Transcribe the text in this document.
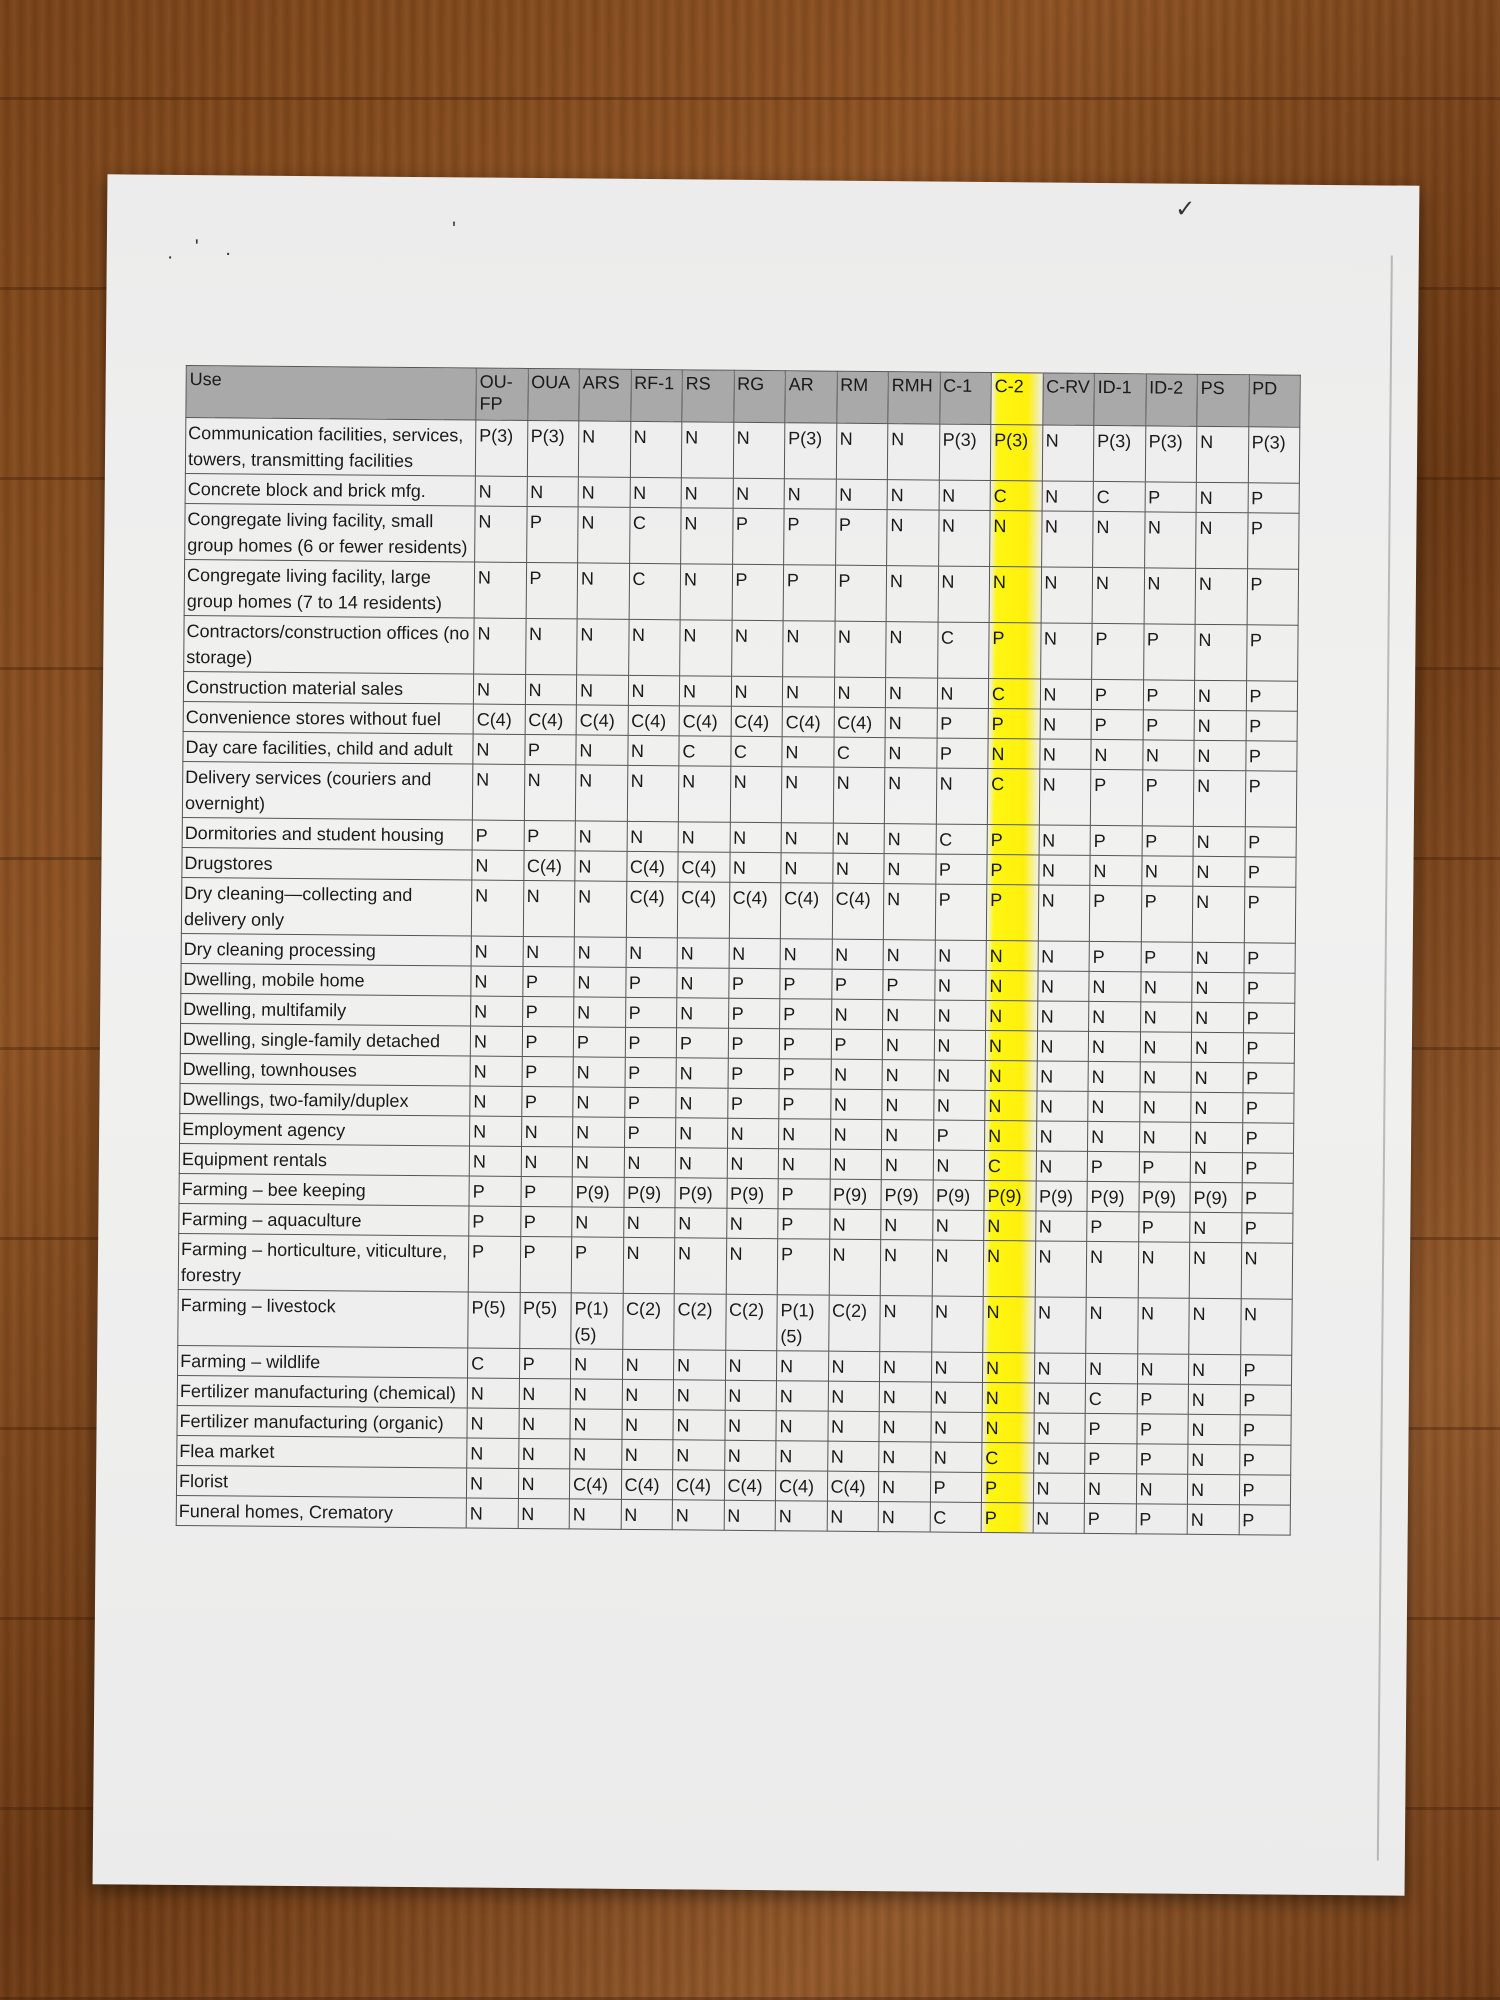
· ' ·
'
✓
Use	OU-FP	OUA	ARS	RF-1	RS	RG	AR	RM	RMH	C-1	C-2	C-RV	ID-1	ID-2	PS	PD
Communication facilities, services, towers, transmitting facilities	P(3)	P(3)	N	N	N	N	P(3)	N	N	P(3)	P(3)	N	P(3)	P(3)	N	P(3)
Concrete block and brick mfg.	N	N	N	N	N	N	N	N	N	N	C	N	C	P	N	P
Congregate living facility, small group homes (6 or fewer residents)	N	P	N	C	N	P	P	P	N	N	N	N	N	N	N	P
Congregate living facility, large group homes (7 to 14 residents)	N	P	N	C	N	P	P	P	N	N	N	N	N	N	N	P
Contractors/construction offices (no storage)	N	N	N	N	N	N	N	N	N	C	P	N	P	P	N	P
Construction material sales	N	N	N	N	N	N	N	N	N	N	C	N	P	P	N	P
Convenience stores without fuel	C(4)	C(4)	C(4)	C(4)	C(4)	C(4)	C(4)	C(4)	N	P	P	N	P	P	N	P
Day care facilities, child and adult	N	P	N	N	C	C	N	C	N	P	N	N	N	N	N	P
Delivery services (couriers and overnight)	N	N	N	N	N	N	N	N	N	N	C	N	P	P	N	P
Dormitories and student housing	P	P	N	N	N	N	N	N	N	C	P	N	P	P	N	P
Drugstores	N	C(4)	N	C(4)	C(4)	N	N	N	N	P	P	N	N	N	N	P
Dry cleaning—collecting and delivery only	N	N	N	C(4)	C(4)	C(4)	C(4)	C(4)	N	P	P	N	P	P	N	P
Dry cleaning processing	N	N	N	N	N	N	N	N	N	N	N	N	P	P	N	P
Dwelling, mobile home	N	P	N	P	N	P	P	P	P	N	N	N	N	N	N	P
Dwelling, multifamily	N	P	N	P	N	P	P	N	N	N	N	N	N	N	N	P
Dwelling, single-family detached	N	P	P	P	P	P	P	P	N	N	N	N	N	N	N	P
Dwelling, townhouses	N	P	N	P	N	P	P	N	N	N	N	N	N	N	N	P
Dwellings, two-family/duplex	N	P	N	P	N	P	P	N	N	N	N	N	N	N	N	P
Employment agency	N	N	N	P	N	N	N	N	N	P	N	N	N	N	N	P
Equipment rentals	N	N	N	N	N	N	N	N	N	N	C	N	P	P	N	P
Farming – bee keeping	P	P	P(9)	P(9)	P(9)	P(9)	P	P(9)	P(9)	P(9)	P(9)	P(9)	P(9)	P(9)	P(9)	P
Farming – aquaculture	P	P	N	N	N	N	P	N	N	N	N	N	P	P	N	P
Farming – horticulture, viticulture, forestry	P	P	P	N	N	N	P	N	N	N	N	N	N	N	N	N
Farming – livestock	P(5)	P(5)	P(1)(5)	C(2)	C(2)	C(2)	P(1)(5)	C(2)	N	N	N	N	N	N	N	N
Farming – wildlife	C	P	N	N	N	N	N	N	N	N	N	N	N	N	N	P
Fertilizer manufacturing (chemical)	N	N	N	N	N	N	N	N	N	N	N	N	C	P	N	P
Fertilizer manufacturing (organic)	N	N	N	N	N	N	N	N	N	N	N	N	P	P	N	P
Flea market	N	N	N	N	N	N	N	N	N	N	C	N	P	P	N	P
Florist	N	N	C(4)	C(4)	C(4)	C(4)	C(4)	C(4)	N	P	P	N	N	N	N	P
Funeral homes, Crematory	N	N	N	N	N	N	N	N	N	C	P	N	P	P	N	P
